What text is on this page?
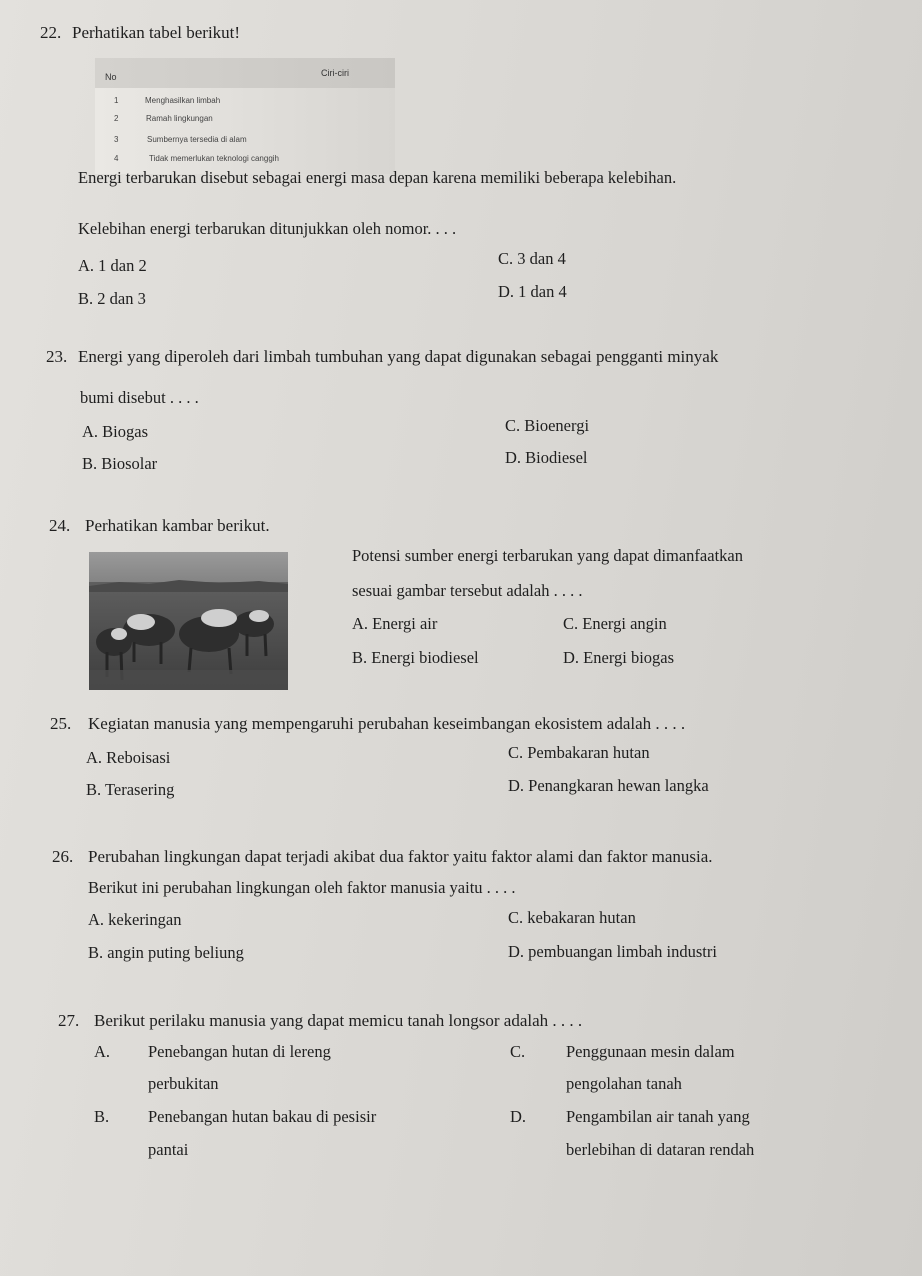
22. Perhatikan tabel berikut!
No	Ciri-ciri
1	Menghasilkan limbah
2	Ramah lingkungan
3	Sumbernya tersedia di alam
4	Tidak memerlukan teknologi canggih
Energi terbarukan disebut sebagai energi masa depan karena memiliki beberapa kelebihan.
Kelebihan energi terbarukan ditunjukkan oleh nomor. . . .
A. 1 dan 2
B. 2 dan 3
C. 3 dan 4
D. 1 dan 4
23. Energi yang diperoleh dari limbah tumbuhan yang dapat digunakan sebagai pengganti minyak
bumi disebut . . . .
A. Biogas
B. Biosolar
C. Bioenergi
D. Biodiesel
24. Perhatikan kambar berikut.
Potensi sumber energi terbarukan yang dapat dimanfaatkan
sesuai gambar tersebut adalah . . . .
A. Energi air
B. Energi biodiesel
C. Energi angin
D. Energi biogas
25. Kegiatan manusia yang mempengaruhi perubahan keseimbangan ekosistem adalah . . . .
A. Reboisasi
B. Terasering
C. Pembakaran hutan
D. Penangkaran hewan langka
26. Perubahan lingkungan dapat terjadi akibat dua faktor yaitu faktor alami dan faktor manusia.
Berikut ini perubahan lingkungan oleh faktor manusia yaitu . . . .
A. kekeringan
B. angin puting beliung
C. kebakaran hutan
D. pembuangan limbah industri
27. Berikut perilaku manusia yang dapat memicu tanah longsor adalah . . . .
A. Penebangan hutan di lereng
perbukitan
B. Penebangan hutan bakau di pesisir
pantai
C. Penggunaan mesin dalam
pengolahan tanah
D. Pengambilan air tanah yang
berlebihan di dataran rendah
